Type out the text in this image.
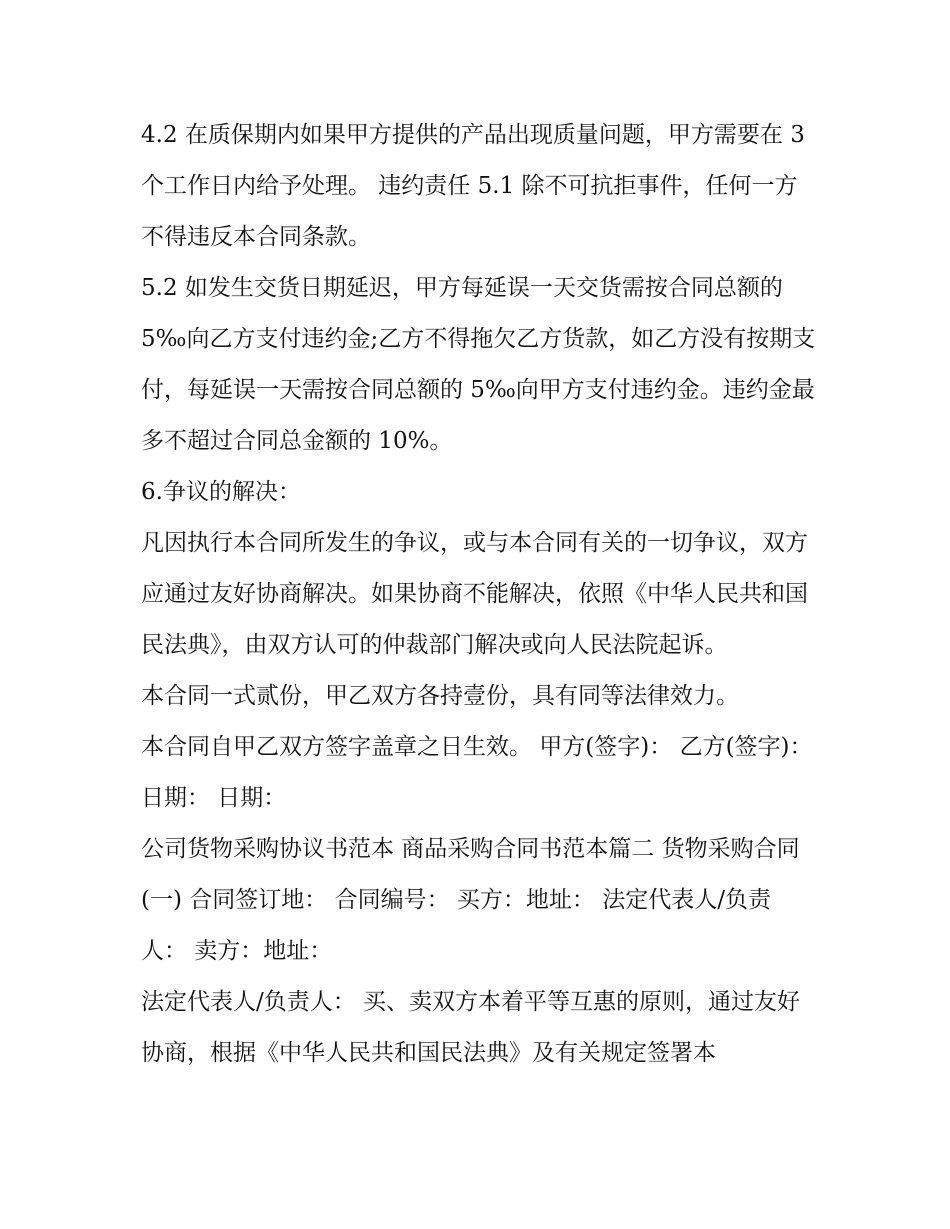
4.2 在质保期内如果甲方提供的产品出现质量问题，甲方需要在 3 个工作日内给予处理。 违约责任 5.1 除不可抗拒事件，任何一方不得违反本合同条款。

5.2 如发生交货日期延迟，甲方每延误一天交货需按合同总额的 5‰向乙方支付违约金;乙方不得拖欠乙方货款，如乙方没有按期支付，每延误一天需按合同总额的 5‰向甲方支付违约金。违约金最多不超过合同总金额的 10%。

6.争议的解决：

凡因执行本合同所发生的争议，或与本合同有关的一切争议，双方应通过友好协商解决。如果协商不能解决，依照《中华人民共和国民法典》，由双方认可的仲裁部门解决或向人民法院起诉。

本合同一式贰份，甲乙双方各持壹份，具有同等法律效力。

本合同自甲乙双方签字盖章之日生效。 甲方(签字)： 乙方(签字)： 日期： 日期：

公司货物采购协议书范本 商品采购合同书范本篇二 货物采购合同(一) 合同签订地： 合同编号： 买方：地址： 法定代表人/负责人： 卖方：地址：

法定代表人/负责人： 买、卖双方本着平等互惠的原则，通过友好协商，根据《中华人民共和国民法典》及有关规定签署本
